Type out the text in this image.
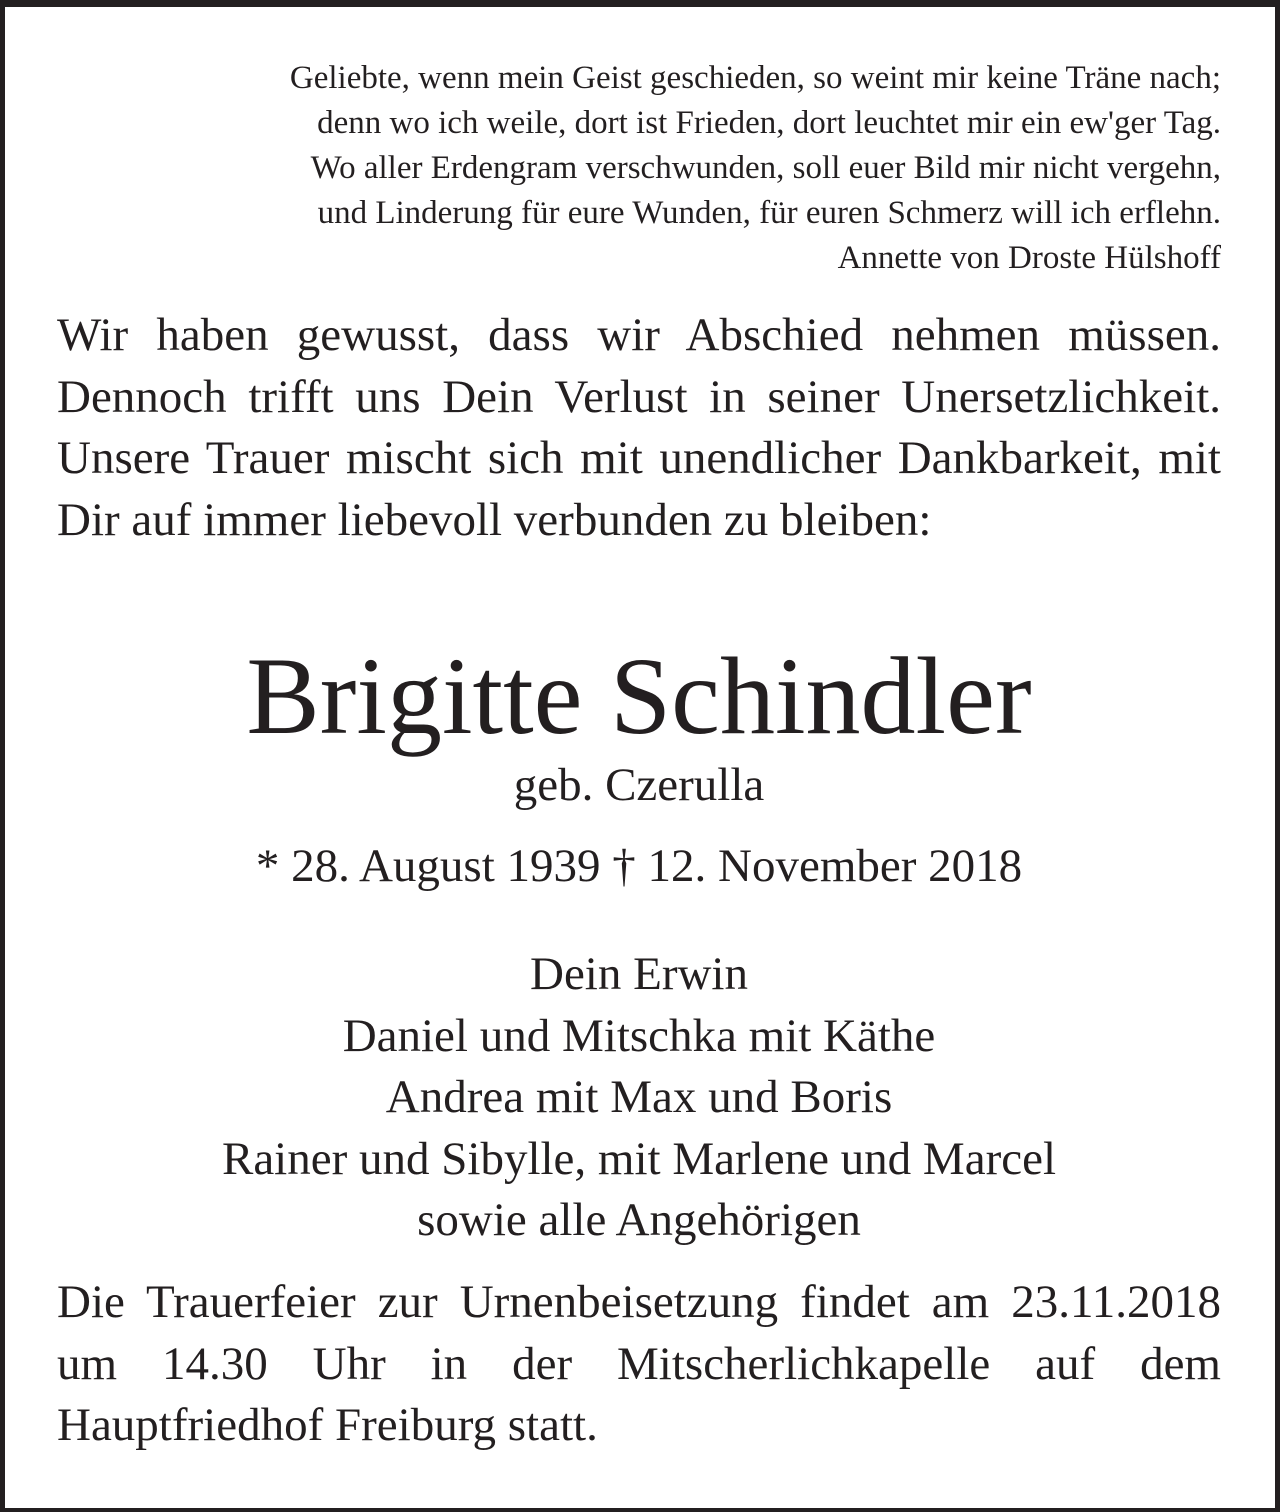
Geliebte, wenn mein Geist geschieden, so weint mir keine Träne nach;
denn wo ich weile, dort ist Frieden, dort leuchtet mir ein ew'ger Tag.
Wo aller Erdengram verschwunden, soll euer Bild mir nicht vergehn,
und Linderung für eure Wunden, für euren Schmerz will ich erflehn.
Annette von Droste Hülshoff

Wir haben gewusst, dass wir Abschied nehmen müssen. Dennoch trifft uns Dein Verlust in seiner Unersetzlichkeit. Unsere Trauer mischt sich mit unendlicher Dankbarkeit, mit Dir auf immer liebevoll verbunden zu bleiben:

Brigitte Schindler
geb. Czerulla
* 28. August 1939 † 12. November 2018
Dein Erwin
Daniel und Mitschka mit Käthe
Andrea mit Max und Boris
Rainer und Sibylle, mit Marlene und Marcel
sowie alle Angehörigen

Die Trauerfeier zur Urnenbeisetzung findet am 23.11.2018 um 14.30 Uhr in der Mitscherlichkapelle auf dem Hauptfriedhof Freiburg statt.
